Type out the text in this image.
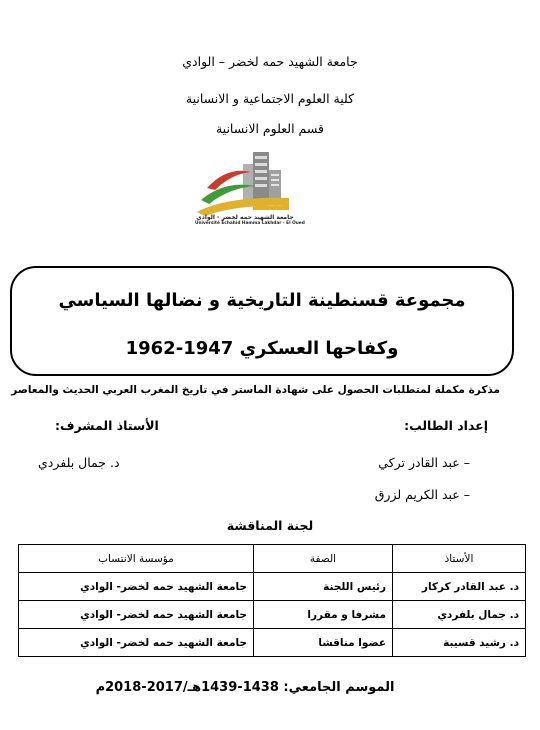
جامعة الشهيد حمه لخضر – الوادي
كلية العلوم الاجتماعية و الانسانية
قسم العلوم الانسانية
جامعة الشهيد حمه لخضر - الوادي
Université Echahid Hamma Lakhdar - El Oued
مجموعة قسنطينة التاريخية و نضالها السياسي
وكفاحها العسكري 1947-1962
مذكرة مكملة لمتطلبات الحصول على شهادة الماستر في تاريخ المغرب العربي الحديث والمعاصر
إعداد الطالب:
– عبد القادر تركي
– عبد الكريم لزرق
الأستاذ المشرف:
د. جمال بلفردي
لجنة المناقشة
الأستاذ	الصفة	مؤسسة الانتساب
د. عبد القادر كركار	رئيس اللجنة	جامعة الشهيد حمه لخضر- الوادي
د. جمال بلفردي	مشرفا و مقررا	جامعة الشهيد حمه لخضر- الوادي
د. رشيد قسيبة	عضوا مناقشا	جامعة الشهيد حمه لخضر- الوادي
الموسم الجامعي: 1438-1439هـ/2017-2018م
